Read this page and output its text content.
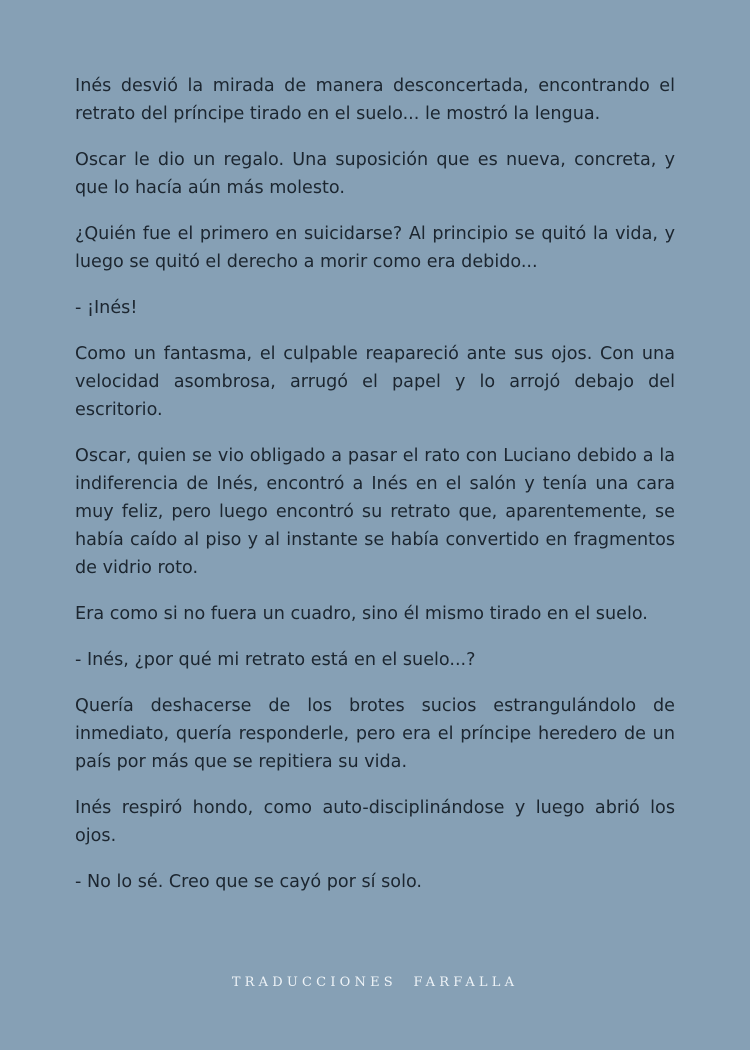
Inés desvió la mirada de manera desconcertada, encontrando el retrato del príncipe tirado en el suelo... le mostró la lengua.

Oscar le dio un regalo. Una suposición que es nueva, concreta, y que lo hacía aún más molesto.

¿Quién fue el primero en suicidarse? Al principio se quitó la vida, y luego se quitó el derecho a morir como era debido...

- ¡Inés!

Como un fantasma, el culpable reapareció ante sus ojos. Con una velocidad asombrosa, arrugó el papel y lo arrojó debajo del escritorio.

Oscar, quien se vio obligado a pasar el rato con Luciano debido a la indiferencia de Inés, encontró a Inés en el salón y tenía una cara muy feliz, pero luego encontró su retrato que, aparentemente, se había caído al piso y al instante se había convertido en fragmentos de vidrio roto.

Era como si no fuera un cuadro, sino él mismo tirado en el suelo.

- Inés, ¿por qué mi retrato está en el suelo...?

Quería deshacerse de los brotes sucios estrangulándolo de inmediato, quería responderle, pero era el príncipe heredero de un país por más que se repitiera su vida.

Inés respiró hondo, como auto-disciplinándose y luego abrió los ojos.

- No lo sé. Creo que se cayó por sí solo.

TRADUCCIONES  FARFALLA
